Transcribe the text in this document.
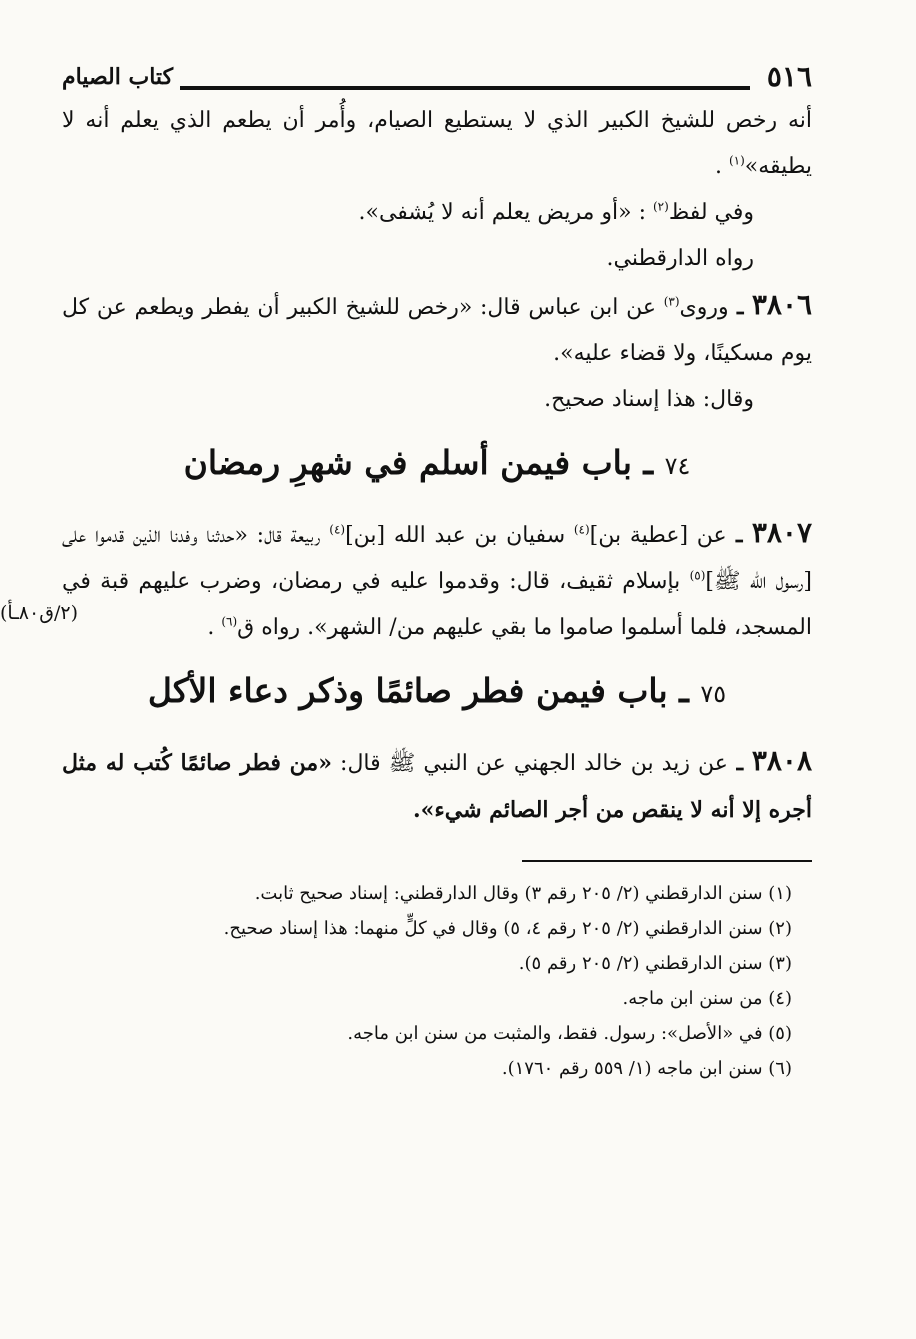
٥١٦
كتاب الصيام

أنه رخص للشيخ الكبير الذي لا يستطيع الصيام، وأُمر أن يطعم الذي يعلم أنه لا يطيقه»$^{(١)}$ .

وفي لفظ$^{(٢)}$ : «أو مريض يعلم أنه لا يُشفى».

رواه الدارقطني.

٣٨٠٦ ـ وروى$^{(٣)}$ عن ابن عباس قال: «رخص للشيخ الكبير أن يفطر ويطعم عن كل يوم مسكينًا، ولا قضاء عليه».

وقال: هذا إسناد صحيح.

٧٤ ـ باب فيمن أسلم في شهرِ رمضان

٣٨٠٧ ـ عن [عطية بن]$^{(٤)}$ سفيان بن عبد الله [بن]$^{(٤)}$ ربيعة قال: «حدثنا وفدنا الذين قدموا على [رسول الله ﷺ]$^{(٥)}$ بإسلام ثقيف، قال: وقدموا عليه في رمضان، وضرب عليهم قبة في المسجد، فلما أسلموا صاموا ما بقي عليهم من/ الشهر». رواه ق$^{(٦)}$ .

(٢/ق٨٠ـأ)
٧٥ ـ باب فيمن فطر صائمًا وذكر دعاء الأكل

٣٨٠٨ ـ عن زيد بن خالد الجهني عن النبي ﷺ قال: «من فطر صائمًا كُتب له مثل أجره إلا أنه لا ينقص من أجر الصائم شيء».

(١) سنن الدارقطني (٢/ ٢٠٥ رقم ٣) وقال الدارقطني: إسناد صحيح ثابت.

(٢) سنن الدارقطني (٢/ ٢٠٥ رقم ٤، ٥) وقال في كلٍّ منهما: هذا إسناد صحيح.

(٣) سنن الدارقطني (٢/ ٢٠٥ رقم ٥).

(٤) من سنن ابن ماجه.

(٥) في «الأصل»: رسول. فقط، والمثبت من سنن ابن ماجه.

(٦) سنن ابن ماجه (١/ ٥٥٩ رقم ١٧٦٠).
